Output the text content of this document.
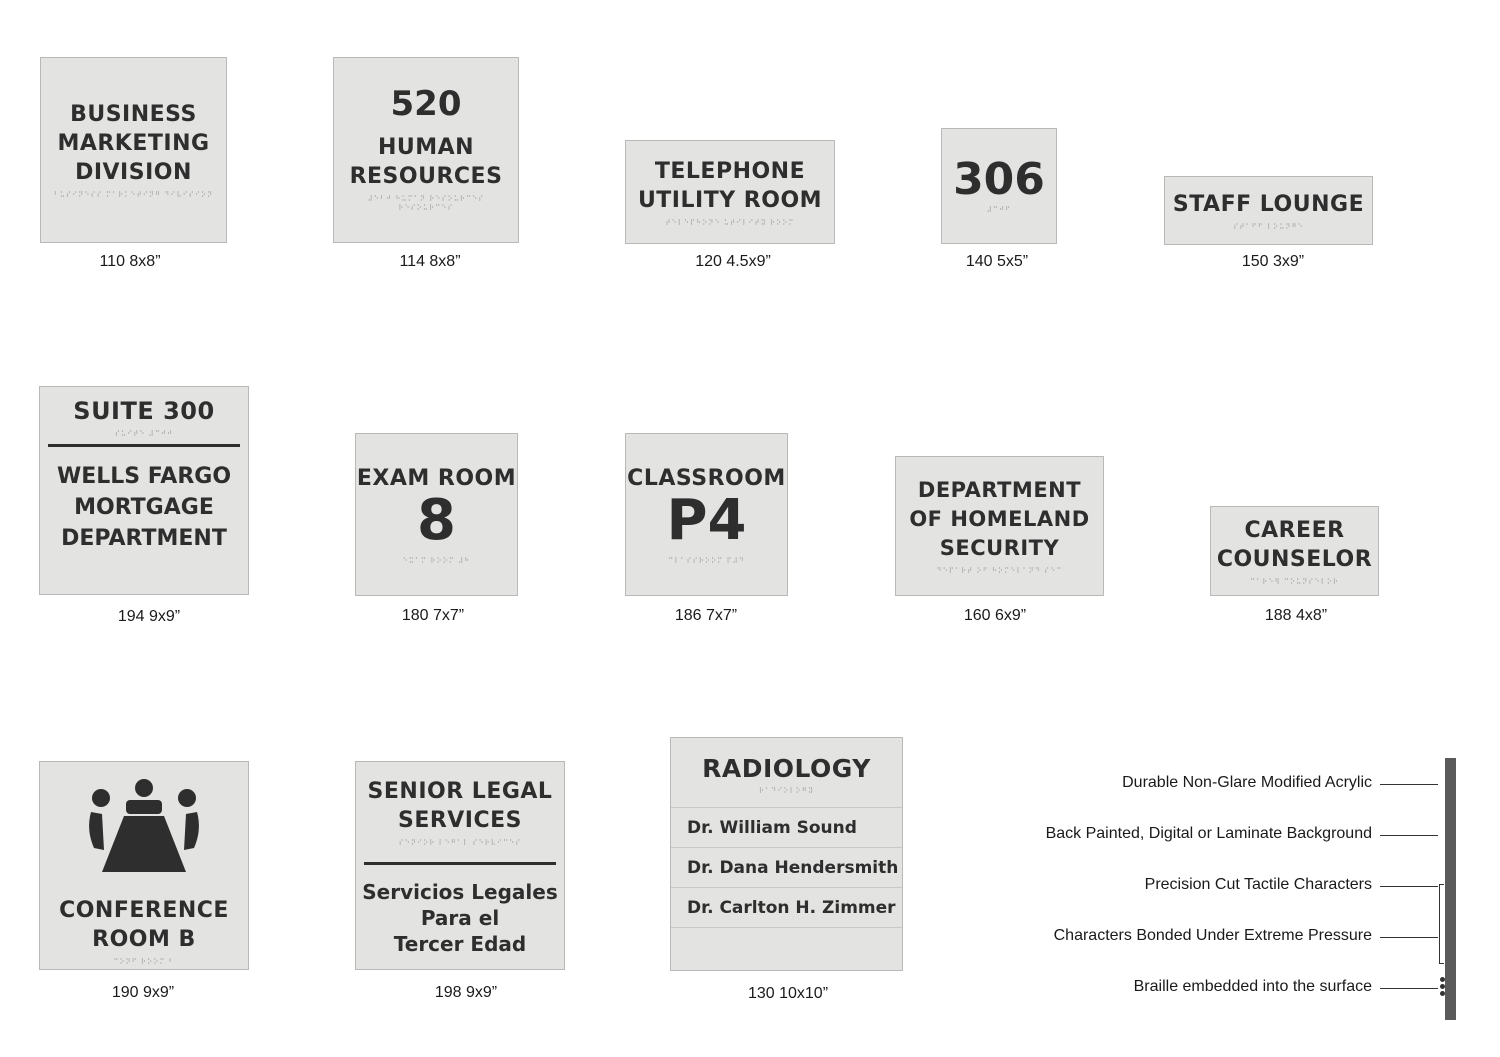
BUSINESS
MARKETING
DIVISION
⠃⠥⠎⠊⠝⠑⠎⠎ ⠍⠁⠗⠅⠑⠞⠊⠝⠛ ⠙⠊⠧⠊⠎⠊⠕⠝
110 8x8”
520
HUMAN
RESOURCES
⠼⠑⠃⠚ ⠓⠥⠍⠁⠝ ⠗⠑⠎⠕⠥⠗⠉⠑⠎
⠗⠑⠎⠕⠥⠗⠉⠑⠎
114 8x8”
TELEPHONE
UTILITY ROOM
⠞⠑⠇⠑⠏⠓⠕⠝⠑ ⠥⠞⠊⠇⠊⠞⠽ ⠗⠕⠕⠍
120 4.5x9”
306
⠼⠉⠚⠋
140 5x5”
STAFF LOUNGE
⠎⠞⠁⠋⠋ ⠇⠕⠥⠝⠛⠑
150 3x9”
SUITE 300
⠎⠥⠊⠞⠑ ⠼⠉⠚⠚
WELLS FARGO
MORTGAGE
DEPARTMENT
194 9x9”
EXAM ROOM
8
⠑⠭⠁⠍ ⠗⠕⠕⠍ ⠼⠓
180 7x7”
CLASSROOM
P4
⠉⠇⠁⠎⠎⠗⠕⠕⠍ ⠏⠼⠙
186 7x7”
DEPARTMENT
OF HOMELAND
SECURITY
⠙⠑⠏⠁⠗⠞ ⠕⠋ ⠓⠕⠍⠑⠇⠁⠝⠙ ⠎⠑⠉
160 6x9”
CAREER
COUNSELOR
⠉⠁⠗⠑⠻ ⠉⠕⠥⠝⠎⠑⠇⠕⠗
188 4x8”
CONFERENCE
ROOM B
⠉⠕⠝⠋ ⠗⠕⠕⠍ ⠃
190 9x9”
SENIOR LEGAL
SERVICES
⠎⠑⠝⠊⠕⠗ ⠇⠑⠛⠁⠇ ⠎⠑⠗⠧⠊⠉⠑⠎
Servicios Legales
Para el
Tercer Edad
198 9x9”
RADIOLOGY
⠗⠁⠙⠊⠕⠇⠕⠛⠽
Dr. William Sound
Dr. Dana Hendersmith
Dr. Carlton H. Zimmer
130 10x10”
Durable Non-Glare Modified Acrylic
Back Painted, Digital or Laminate Background
Precision Cut Tactile Characters
Characters Bonded Under Extreme Pressure
Braille embedded into the surface
